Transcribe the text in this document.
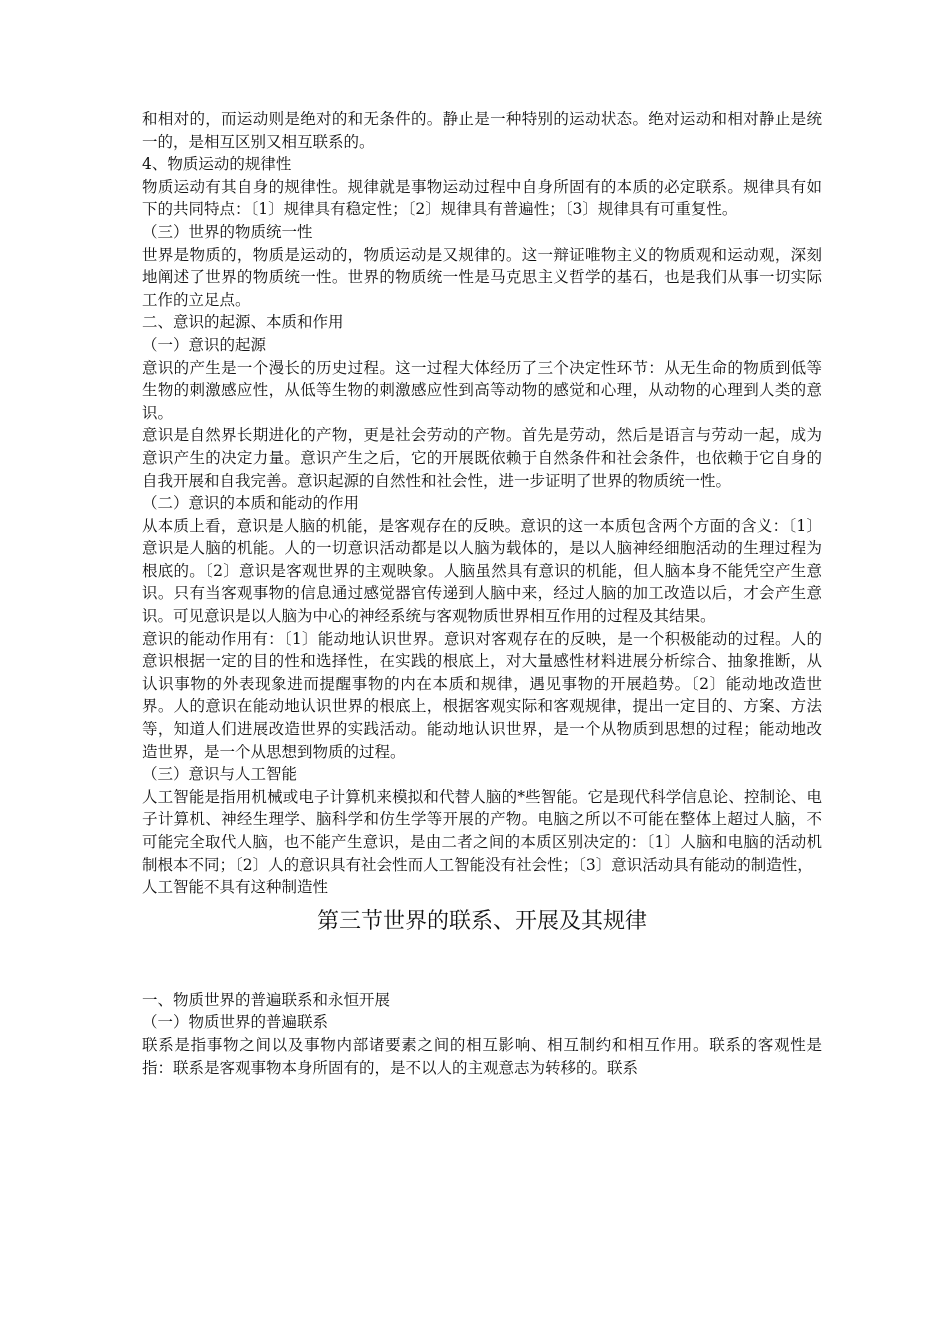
和相对的，而运动则是绝对的和无条件的。静止是一种特别的运动状态。绝对运动和相对静止是统一的，是相互区别又相互联系的。

4、物质运动的规律性

物质运动有其自身的规律性。规律就是事物运动过程中自身所固有的本质的必定联系。规律具有如下的共同特点：〔1〕规律具有稳定性；〔2〕规律具有普遍性；〔3〕规律具有可重复性。

（三）世界的物质统一性

世界是物质的，物质是运动的，物质运动是又规律的。这一辩证唯物主义的物质观和运动观，深刻地阐述了世界的物质统一性。世界的物质统一性是马克思主义哲学的基石，也是我们从事一切实际工作的立足点。

二、意识的起源、本质和作用

（一）意识的起源

意识的产生是一个漫长的历史过程。这一过程大体经历了三个决定性环节：从无生命的物质到低等生物的刺激感应性，从低等生物的刺激感应性到高等动物的感觉和心理，从动物的心理到人类的意识。

意识是自然界长期进化的产物，更是社会劳动的产物。首先是劳动，然后是语言与劳动一起，成为意识产生的决定力量。意识产生之后，它的开展既依赖于自然条件和社会条件，也依赖于它自身的自我开展和自我完善。意识起源的自然性和社会性，进一步证明了世界的物质统一性。

（二）意识的本质和能动的作用

从本质上看，意识是人脑的机能，是客观存在的反映。意识的这一本质包含两个方面的含义：〔1〕意识是人脑的机能。人的一切意识活动都是以人脑为载体的，是以人脑神经细胞活动的生理过程为根底的。〔2〕意识是客观世界的主观映象。人脑虽然具有意识的机能，但人脑本身不能凭空产生意识。只有当客观事物的信息通过感觉器官传递到人脑中来，经过人脑的加工改造以后，才会产生意识。可见意识是以人脑为中心的神经系统与客观物质世界相互作用的过程及其结果。

意识的能动作用有：〔1〕能动地认识世界。意识对客观存在的反映，是一个积极能动的过程。人的意识根据一定的目的性和选择性，在实践的根底上，对大量感性材料进展分析综合、抽象推断，从认识事物的外表现象进而提醒事物的内在本质和规律，遇见事物的开展趋势。〔2〕能动地改造世界。人的意识在能动地认识世界的根底上，根据客观实际和客观规律，提出一定目的、方案、方法等，知道人们进展改造世界的实践活动。能动地认识世界，是一个从物质到思想的过程；能动地改造世界，是一个从思想到物质的过程。

（三）意识与人工智能

人工智能是指用机械或电子计算机来模拟和代替人脑的*些智能。它是现代科学信息论、控制论、电子计算机、神经生理学、脑科学和仿生学等开展的产物。电脑之所以不可能在整体上超过人脑，不可能完全取代人脑，也不能产生意识，是由二者之间的本质区别决定的：〔1〕人脑和电脑的活动机制根本不同；〔2〕人的意识具有社会性而人工智能没有社会性；〔3〕意识活动具有能动的制造性，

人工智能不具有这种制造性

第三节世界的联系、开展及其规律

一、物质世界的普遍联系和永恒开展

（一）物质世界的普遍联系

联系是指事物之间以及事物内部诸要素之间的相互影响、相互制约和相互作用。联系的客观性是指：联系是客观事物本身所固有的，是不以人的主观意志为转移的。联系
